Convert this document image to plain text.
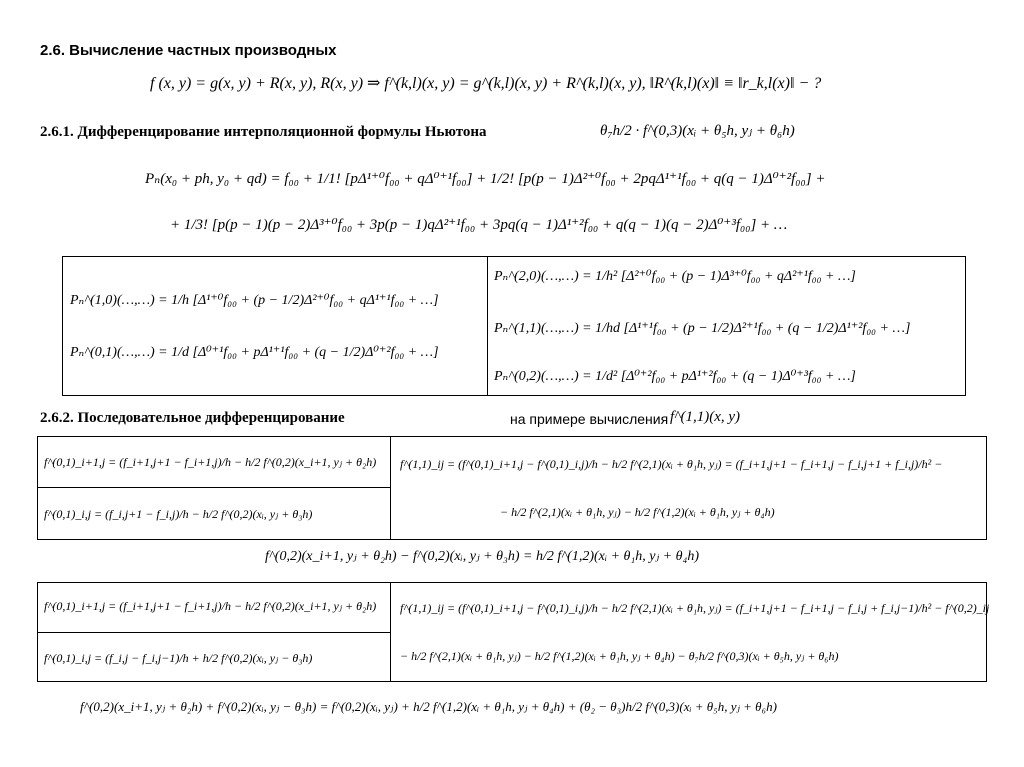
2.6. Вычисление частных производных
f (x, y) = g(x, y) + R(x, y), R(x, y) ⇒ f^(k,l)(x, y) = g^(k,l)(x, y) + R^(k,l)(x, y), ‖R^(k,l)(x)‖ ≡ ‖r_k,l(x)‖ − ?
2.6.1. Дифференцирование интерполяционной формулы Ньютона	θ₇h/2 · f^(0,3)(xᵢ + θ₅h, yⱼ + θ₆h)
Pₙ(x₀ + ph, y₀ + qd) = f₀₀ + 1/1! [pΔ¹⁺⁰f₀₀ + qΔ⁰⁺¹f₀₀] + 1/2! [p(p − 1)Δ²⁺⁰f₀₀ + 2pqΔ¹⁺¹f₀₀ + q(q − 1)Δ⁰⁺²f₀₀] +
+ 1/3! [p(p − 1)(p − 2)Δ³⁺⁰f₀₀ + 3p(p − 1)qΔ²⁺¹f₀₀ + 3pq(q − 1)Δ¹⁺²f₀₀ + q(q − 1)(q − 2)Δ⁰⁺³f₀₀] + …
Pₙ^(1,0)(…,…) = 1/h [Δ¹⁺⁰f₀₀ + (p − 1/2)Δ²⁺⁰f₀₀ + qΔ¹⁺¹f₀₀ + …]
Pₙ^(0,1)(…,…) = 1/d [Δ⁰⁺¹f₀₀ + pΔ¹⁺¹f₀₀ + (q − 1/2)Δ⁰⁺²f₀₀ + …]
Pₙ^(2,0)(…,…) = 1/h² [Δ²⁺⁰f₀₀ + (p − 1)Δ³⁺⁰f₀₀ + qΔ²⁺¹f₀₀ + …]
Pₙ^(1,1)(…,…) = 1/hd [Δ¹⁺¹f₀₀ + (p − 1/2)Δ²⁺¹f₀₀ + (q − 1/2)Δ¹⁺²f₀₀ + …]
Pₙ^(0,2)(…,…) = 1/d² [Δ⁰⁺²f₀₀ + pΔ¹⁺²f₀₀ + (q − 1)Δ⁰⁺³f₀₀ + …]
2.6.2. Последовательное дифференцирование	на примере вычисления f^(1,1)(x, y)
f^(0,1)_i+1,j = (f_i+1,j+1 − f_i+1,j)/h − h/2 f^(0,2)(x_i+1, yⱼ + θ₂h)
f^(0,1)_i,j = (f_i,j+1 − f_i,j)/h − h/2 f^(0,2)(xᵢ, yⱼ + θ₃h)
f^(1,1)_ij = (f^(0,1)_i+1,j − f^(0,1)_i,j)/h − h/2 f^(2,1)(xᵢ + θ₁h, yⱼ) = (f_i+1,j+1 − f_i+1,j − f_i,j+1 + f_i,j)/h² −
− h/2 f^(2,1)(xᵢ + θ₁h, yⱼ) − h/2 f^(1,2)(xᵢ + θ₁h, yⱼ + θ₄h)
f^(0,2)(x_i+1, yⱼ + θ₂h) − f^(0,2)(xᵢ, yⱼ + θ₃h) = h/2 f^(1,2)(xᵢ + θ₁h, yⱼ + θ₄h)
f^(0,1)_i+1,j = (f_i+1,j+1 − f_i+1,j)/h − h/2 f^(0,2)(x_i+1, yⱼ + θ₂h)
f^(0,1)_i,j = (f_i,j − f_i,j−1)/h + h/2 f^(0,2)(xᵢ, yⱼ − θ₃h)
f^(1,1)_ij = (f^(0,1)_i+1,j − f^(0,1)_i,j)/h − h/2 f^(2,1)(xᵢ + θ₁h, yⱼ) = (f_i+1,j+1 − f_i+1,j − f_i,j + f_i,j−1)/h² − f^(0,2)_ij
− h/2 f^(2,1)(xᵢ + θ₁h, yⱼ) − h/2 f^(1,2)(xᵢ + θ₁h, yⱼ + θ₄h) − θ₇h/2 f^(0,3)(xᵢ + θ₅h, yⱼ + θ₆h)
f^(0,2)(x_i+1, yⱼ + θ₂h) + f^(0,2)(xᵢ, yⱼ − θ₃h) = f^(0,2)(xᵢ, yⱼ) + h/2 f^(1,2)(xᵢ + θ₁h, yⱼ + θ₄h) + (θ₂ − θ₃)h/2 f^(0,3)(xᵢ + θ₅h, yⱼ + θ₆h)
